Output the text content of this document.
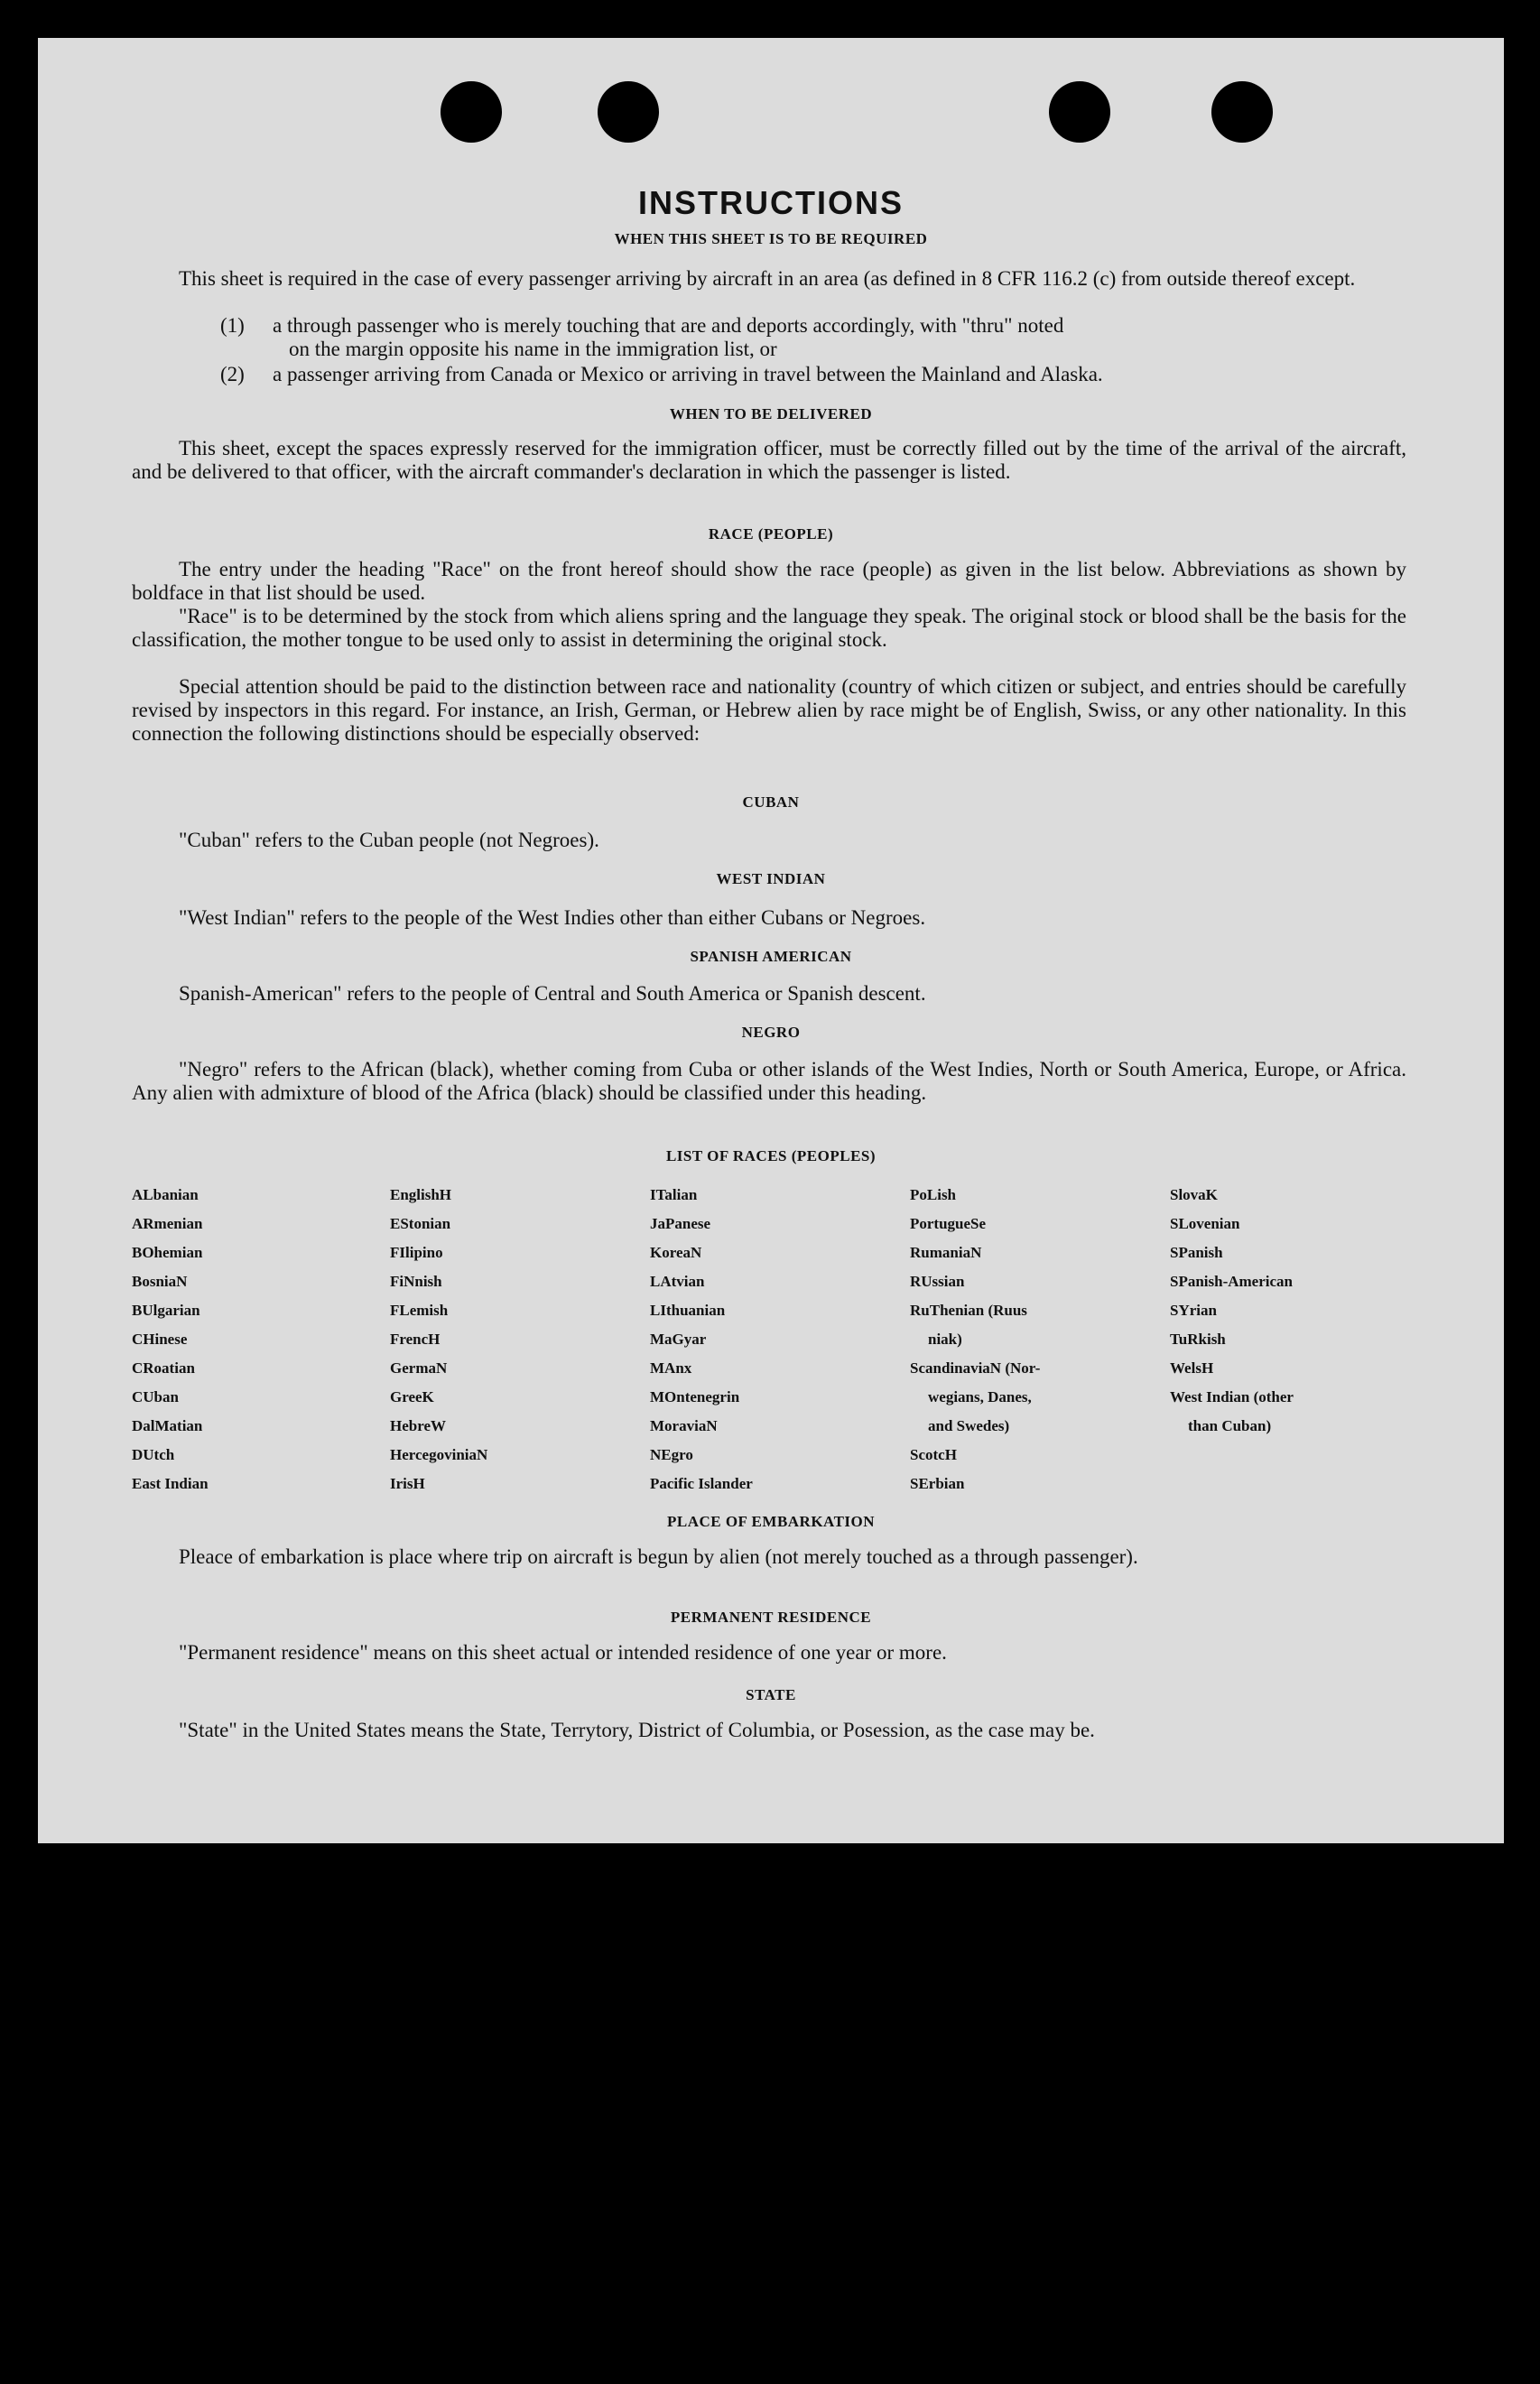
INSTRUCTIONS
WHEN THIS SHEET IS TO BE REQUIRED
This sheet is required in the case of every passenger arriving by aircraft in an area (as defined in 8 CFR 116.2 (c) from outside thereof except.
(1) a through passenger who is merely touching that are and deports accordingly, with "thru" noted
on the margin opposite his name in the immigration list, or
(2) a passenger arriving from Canada or Mexico or arriving in travel between the Mainland and Alaska.
WHEN TO BE DELIVERED
This sheet, except the spaces expressly reserved for the immigration officer, must be correctly filled out by the time of the arrival of the aircraft, and be delivered to that officer, with the aircraft commander's declaration in which the passenger is listed.
RACE (PEOPLE)
The entry under the heading "Race" on the front hereof should show the race (people) as given in the list below. Abbreviations as shown by boldface in that list should be used.
"Race" is to be determined by the stock from which aliens spring and the language they speak. The original stock or blood shall be the basis for the classification, the mother tongue to be used only to assist in determining the original stock.
Special attention should be paid to the distinction between race and nationality (country of which citizen or subject, and entries should be carefully revised by inspectors in this regard. For instance, an Irish, German, or Hebrew alien by race might be of English, Swiss, or any other nationality. In this connection the following distinctions should be especially observed:
CUBAN
"Cuban" refers to the Cuban people (not Negroes).
WEST INDIAN
"West Indian" refers to the people of the West Indies other than either Cubans or Negroes.
SPANISH AMERICAN
Spanish-American" refers to the people of Central and South America or Spanish descent.
NEGRO
"Negro" refers to the African (black), whether coming from Cuba or other islands of the West Indies, North or South America, Europe, or Africa. Any alien with admixture of blood of the Africa (black) should be classified under this heading.
LIST OF RACES (PEOPLES)
ALbanian
ARmenian
BOhemian
BosniaN
BUlgarian
CHinese
CRoatian
CUban
DalMatian
DUtch
East Indian
EnglishH
EStonian
FIlipino
FiNnish
FLemish
FrencH
GermaN
GreeK
HebreW
HercegoviniaN
IrisH
ITalian
JaPanese
KoreaN
LAtvian
LIthuanian
MaGyar
MAnx
MOntenegrin
MoraviaN
NEgro
Pacific Islander
PoLish
PortugueSe
RumaniaN
RUssian
RuThenian (Ruus
niak)
ScandinaviaN (Nor-
wegians, Danes,
and Swedes)
ScotcH
SErbian
SlovaK
SLovenian
SPanish
SPanish-American
SYrian
TuRkish
WelsH
West Indian (other
than Cuban)
PLACE OF EMBARKATION
Pleace of embarkation is place where trip on aircraft is begun by alien (not merely touched as a through passenger).
PERMANENT RESIDENCE
"Permanent residence" means on this sheet actual or intended residence of one year or more.
STATE
"State" in the United States means the State, Terrytory, District of Columbia, or Posession, as the case may be.
